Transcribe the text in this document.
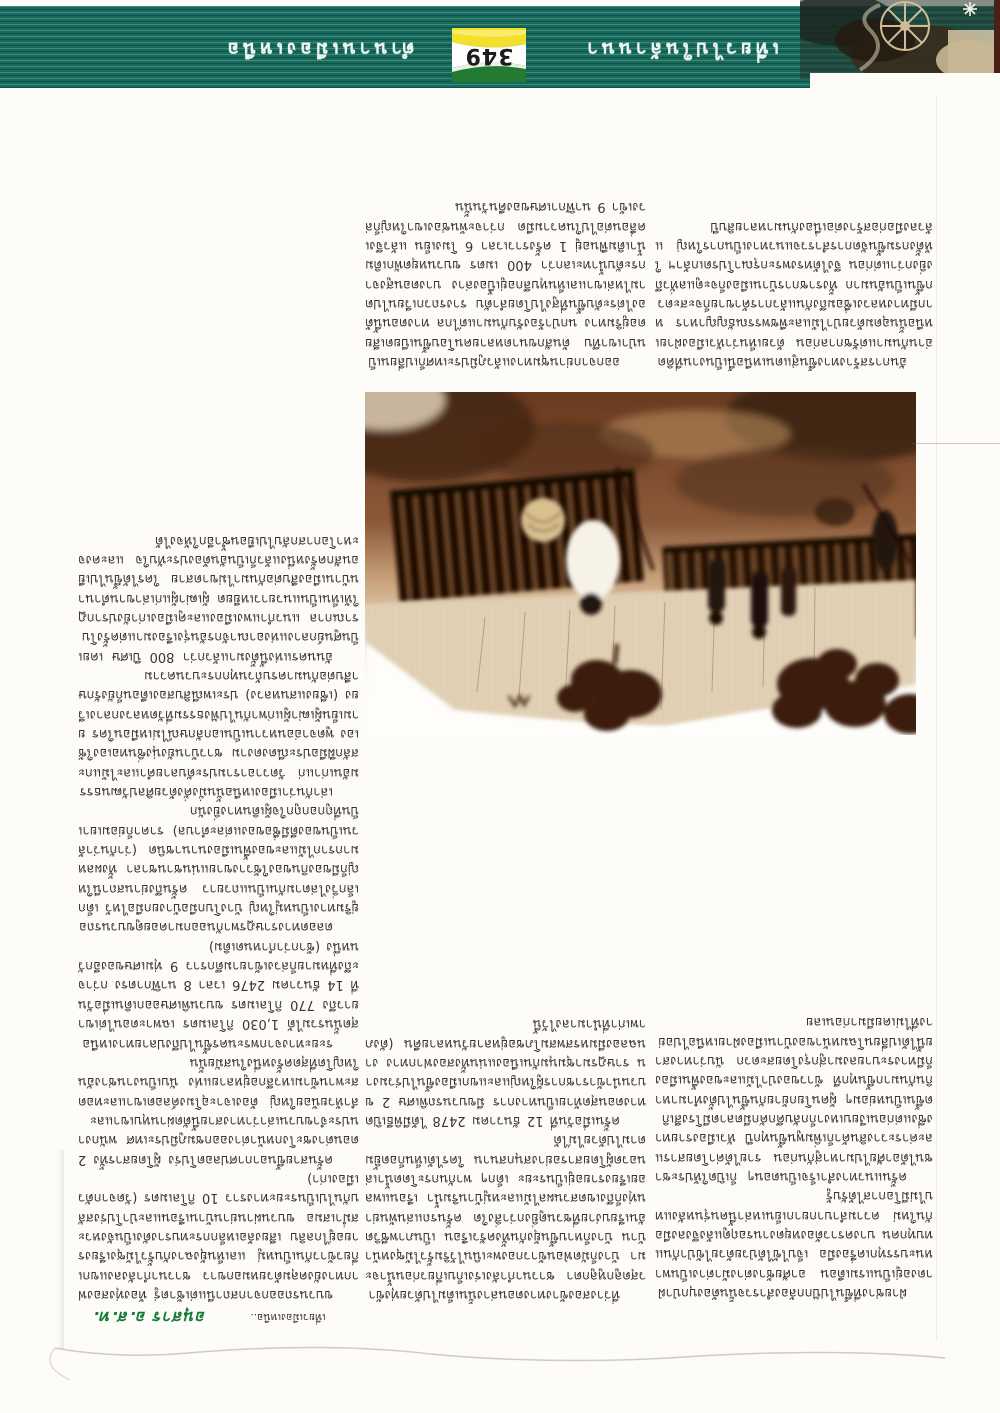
ตำนานเมืองเหนือ	เที่ยวไปในล้านนา
349

ขบวนรถออกจากสถานีแต่เช้าตรู่ ท้องทุ่งสองฟากทางยังคลุมด้วยหมอกขาว ชาวนากำลังลงแขกเกี่ยวข้าวกันเป็นหมู่ แลเห็นยุ้งฉางกับรั้วไม้ซุงเรียงรายอยู่ไกลลิบ เสียงล้อเหล็กกระทบรางดังเป็นจังหวะสม่ำเสมอ ขบวนผ่านย่านบ้านเรือนและป่าโปร่งสลับกันไปเป็นระยะทางราว 10 กิโลเมตร (วัดจากตัวเมืองเก่า)

ครั้นสายขึ้นอากาศปลอดโปร่ง ผู้โดยสารทั้ง 2 ตอนต่างชะโงกหน้าต่างออกชมภูมิประเทศ พนักงานประจำขบวนเล่าว่าทางสายนี้ตัดผ่านหุบเขาและลำห้วยน้อยใหญ่ ต้องเจาะอุโมงค์ลอดเขาและทอดสะพานข้ามเหวลึกอยู่หลายแห่ง นับเป็นงานช่างอันใหญ่โตที่สุดครั้งหนึ่งในสมัยนั้น

ระยะทางจากพระนครขึ้นไปถึงปลายทางเหนือสุดนั้นรวมได้ 1,030 กิโลเมตร เฉพาะตอนไต่เขายาวถึง 770 กิโลเมตร ขบวนพิเศษออกเดินเมื่อวันที่ 14 ธันวาคม 2476 เวลา 8 นาฬิกาตรง กว่าจะถึงที่หมายก็ล่วงเข้ายามดึกราว 9 ทุ่มเศษของอีกวันหนึ่ง (ช้ากว่ากำหนดเดิม)

ตลอดทางราษฎรพากันออกมาคอยดูขบวนรถอยู่ริมทางเป็นหมู่ใหญ่ บ้างโบกมือบ้างยกมือไหว้ เด็กเล็กวิ่งไล่ตามกันเป็นแถวยาว ครั้นถึงย่านสถานีใหญ่ก็มีของกินของใช้วางขายแน่นชานชาลา ทั้งผลหมากรากไม้และของพื้นเมืองนานาชนิด (ว่ากันว่าล้วนเป็นของดีมีชื่อของแต่ละตำบล) ราคาก็ย่อมเยาเป็นที่ถูกอกถูกใจผู้เดินทางยิ่งนัก

เล่ากันว่าเมืองเหนือนั้นมั่งคั่งด้วยศิลปวัฒนธรรมอันเก่าแก่ วัดวาอารามประดับลายคำและไม้แกะสลักฝีมือประณีตงดงาม ชาวบ้านยังนุ่งซิ่นทอเองใช้เอง พูดจาอ่อนหวานเป็นเอกลักษณ์ไม่เหมือนใคร ยามเย็นผู้เฒ่าผู้แก่พากันไปฟังธรรมที่วัดหลวงกลางเวียง (เชียงแสนหลวง) ประเพณีสิบสองเดือนก็ยังรักษาสืบต่อกันมาครบถ้วนทุกกระบวนความ

อันนครแห่งนี้ตั้งมาแล้วกว่า 800 ปีเศษ เคยเป็นศูนย์กลางแห่งอาณาจักรอันรุ่งเรืองมาแต่ครั้งโบราณกาล แนวกำแพงเมืองและคูเมืองเก่ายังปรากฏให้เห็นเป็นแนวยาวเหยียด ผู้เฒ่าผู้แก่เล่าขานตำนานบ้านเมืองสืบต่อกันมาไม่ขาดสาย ใครได้ขึ้นไปเยือนสักครั้งหนึ่งแล้วก็เป็นอันต้องประทับใจ และคงจะหาโอกาสกลับไปเยือนซ้ำอีกให้จงได้

ออกจากย่านชุมทางแล้วภูมิประเทศก็เปลี่ยนเป็นป่าเขาทึบ ต้นสักขนาดหลายคนโอบขึ้นเบียดเสียดอยู่ริมทาง นกป่าร้องรับกันมาแต่ไกล ทางตอนนี้ต้องไต่ระดับขึ้นที่สูงไปโดยลำดับ รางรถวกเวียนไปตามไหล่เขาแลเห็นหุบลึกอยู่เบื้องล่าง บางตอนสูงจากระดับน้ำทะเลกว่า 400 เมตร ขบวนหยุดพักเติมน้ำเติมฟืนอยู่ 1 ครั้งราวเวลา 6 โมงเย็น แล้วจึงเคลื่อนต่อไปในความมืด กว่าจะพ้นช่องเขาใหญ่ก็ล่วงเข้า 9 นาฬิกาเศษของคืนวันนั้น

ที่ว่างสองข้างทางตอนล่างนั้นเต็มไปด้วยทุ่งข้าวสุดลูกหูลูกตา ชาวนากำลังเร่งเก็บเกี่ยวก่อนน้ำจะมา บ้างก็มัดฟ่อนข้าวกองพะเนินไว้ริมรั้วไม้ซุงหน้าบ้าน บ้างก็หาบขึ้นยุ้งกันทั้งครัวเรือน เป็นภาพชีวิตอันเรียบง่ายที่ชวนดูยิ่งกว่าสิ่งใด ครั้นรถแล่นพ้นย่านทุ่งก็ถึงเขตสวนผลไม้และหมู่บ้านริมน้ำ เรือนแพลอยเรียงรายอยู่เป็นระยะ เด็กๆ พากันกระโดดน้ำเล่นอวดผู้โดยสารอย่างสนุกสนาน ใครได้เห็นก็อดยิ้มตามไปด้วยไม่ได้

ครั้นเมื่อวันที่ 12 ธันวาคม 2478 ได้มีพิธีเปิดทางตอนสุดท้ายเป็นทางการ มีขบวนรถพิเศษ 2 ขบวนนำข้าราชการผู้ใหญ่และแขกเมืองขึ้นไปร่วมงาน ราษฎรมาชุมนุมกันเนืองแน่นทั้งสองฟากทาง งานฉลองมีมหรสพสมโภชอยู่หลายวันหลายคืน (ดังภาพเก่าที่นำมาลงไว้นี้

อันการสร้างทางขึ้นสู่แดนเหนือนี้เป็นงานที่คิดอ่านกันมาแต่รัชกาลก่อน ด้วยเห็นว่าหัวเมืองฝ่ายเหนือนั้นอุดมด้วยป่าไม้และพืชพรรณธัญญาหาร หากมีทางหลวงเชื่อมถึงกันแล้วการค้าขายก็จะสะดวกขึ้นเป็นอันมาก ทั้งราชการบ้านเมืองก็จะดูแลทั่วถึงยิ่งกว่าแต่ก่อน จึงได้ทรงพระกรุณาโปรดเกล้าฯ ให้ตั้งกรมขึ้นจัดการสำรวจแนวทางเป็นการใหญ่ แล้วลงมือก่อสร้างต่อเนื่องกันมาหลายสิบปี

ฝ่ายช่างที่ขึ้นไปปักกล้องสำรวจนั้นต้องบุกป่าฝ่าดงอยู่เป็นแรมเดือน อาศัยช้างต่างม้าต่างเป็นพาหนะบรรทุกเครื่องมือ เจ็บไข้ได้ป่วยด้วยไข้ป่ากันแทบทุกคน บางคราวต้องหยุดงานรอฤดูแล้งจึงลงมือกันใหม่ ความลำบากยากเย็นเหล่านี้คนรุ่นหลังแทบไม่มีโอกาสได้รับรู้

ครั้นแนวทางสำเร็จเป็นตอนๆ ก็เปิดให้ประชาชนได้อาศัยไปมาหาสู่กันก่อน รายได้ค่าโดยสารและค่าระวางสินค้าก็เพิ่มพูนขึ้นทุกปี หัวเมืองรายทางซึ่งแต่ก่อนเงียบเหงาก็กลับคึกคักมีตลาดมีโรงสีเกิดขึ้นเป็นหย่อมๆ ผู้คนโยกย้ายกันขึ้นไปตั้งทำมาหากินกันมากขึ้นทุกที ข้าวของป่าไม้และของพื้นเมืองก็มีทางระบายลงมาสู่กรุงโดยสะดวก นับว่าทางสายนี้ได้เปลี่ยนโฉมหน้าของบ้านเมืองฝ่ายเหนือไปอย่างที่ไม่เคยมีมาก่อนเลย

อนุสาร อ.ส.ท.	เที่ยวเมืองเหนือ..
